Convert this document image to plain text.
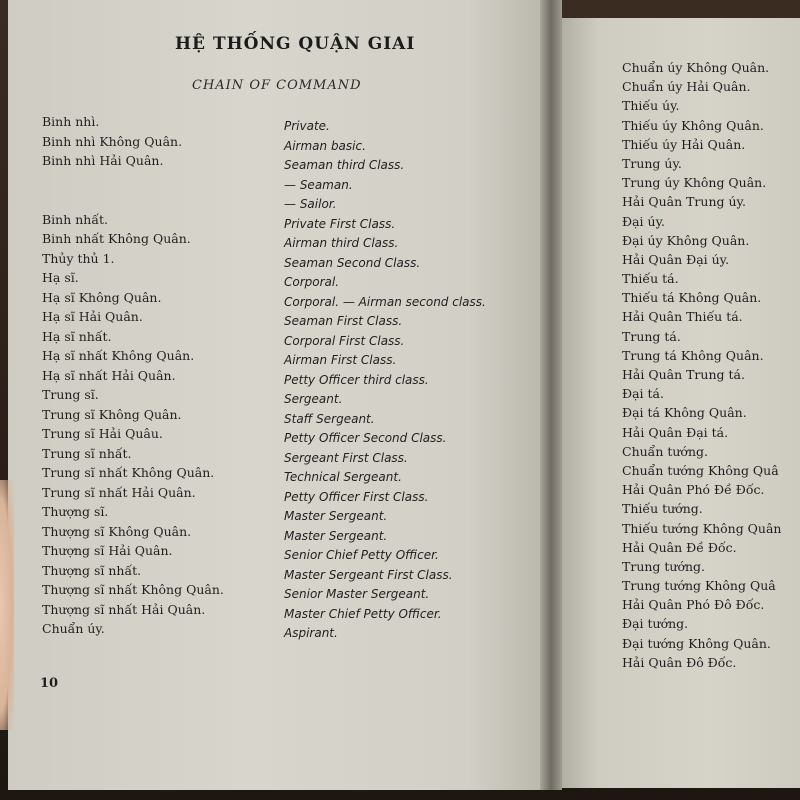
HỆ THỐNG QUẬN GIAI
CHAIN OF COMMAND
Binh nhì.
Binh nhì Không Quân.
Binh nhì Hải Quân.
Binh nhất.
Binh nhất Không Quân.
Thủy thủ 1.
Hạ sĩ.
Hạ sĩ Không Quân.
Hạ sĩ Hải Quân.
Hạ sĩ nhất.
Hạ sĩ nhất Không Quân.
Hạ sĩ nhất Hải Quân.
Trung sĩ.
Trung sĩ Không Quân.
Trung sĩ Hải Quâu.
Trung sĩ nhất.
Trung sĩ nhất Không Quân.
Trung sĩ nhất Hải Quân.
Thượng sĩ.
Thượng sĩ Không Quân.
Thượng sĩ Hải Quân.
Thượng sĩ nhất.
Thượng sĩ nhất Không Quân.
Thượng sĩ nhất Hải Quân.
Chuẩn úy.
Private.
Airman basic.
Seaman third Class.
— Seaman.
— Sailor.
Private First Class.
Airman third Class.
Seaman Second Class.
Corporal.
Corporal. — Airman second class.
Seaman First Class.
Corporal First Class.
Airman First Class.
Petty Officer third class.
Sergeant.
Staff Sergeant.
Petty Officer Second Class.
Sergeant First Class.
Technical Sergeant.
Petty Officer First Class.
Master Sergeant.
Master Sergeant.
Senior Chief Petty Officer.
Master Sergeant First Class.
Senior Master Sergeant.
Master Chief Petty Officer.
Aspirant.
Chuẩn úy Không Quân.
Chuẩn úy Hải Quân.
Thiếu úy.
Thiếu úy Không Quân.
Thiếu úy Hải Quân.
Trung úy.
Trung úy Không Quân.
Hải Quân Trung úy.
Đại úy.
Đại úy Không Quân.
Hải Quân Đại úy.
Thiếu tá.
Thiếu tá Không Quân.
Hải Quân Thiếu tá.
Trung tá.
Trung tá Không Quân.
Hải Quân Trung tá.
Đại tá.
Đại tá Không Quân.
Hải Quân Đại tá.
Chuẩn tướng.
Chuẩn tướng Không Quâ
Hải Quân Phó Đề Đốc.
Thiếu tướng.
Thiếu tướng Không Quân
Hải Quân Đề Đốc.
Trung tướng.
Trung tướng Không Quâ
Hải Quân Phó Đô Đốc.
Đại tướng.
Đại tướng Không Quân.
Hải Quân Đô Đốc.
10
